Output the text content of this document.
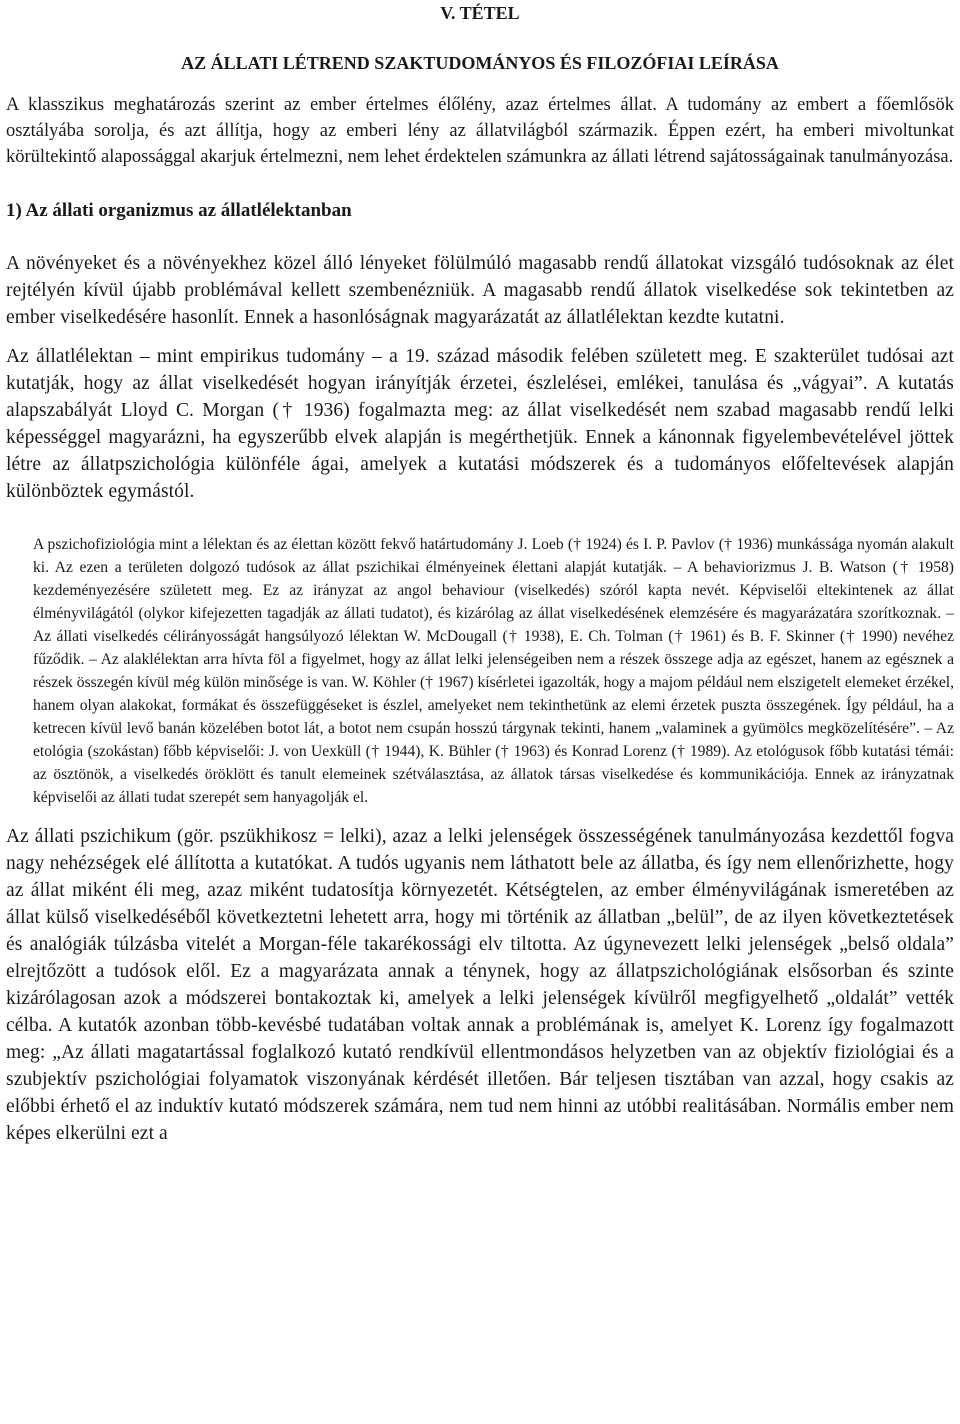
V. TÉTEL
AZ ÁLLATI LÉTREND SZAKTUDOMÁNYOS ÉS FILOZÓFIAI LEÍRÁSA

A klasszikus meghatározás szerint az ember értelmes élőlény, azaz értelmes állat. A tudomány az embert a főemlősök osztályába sorolja, és azt állítja, hogy az emberi lény az állatvilágból származik. Éppen ezért, ha emberi mivoltunkat körültekintő alapossággal akarjuk értelmezni, nem lehet érdektelen számunkra az állati létrend sajátosságainak tanulmányozása.

1) Az állati organizmus az állatlélektanban

A növényeket és a növényekhez közel álló lényeket fölülmúló magasabb rendű állatokat vizsgáló tudósoknak az élet rejtélyén kívül újabb problémával kellett szembenézniük. A magasabb rendű állatok viselkedése sok tekintetben az ember viselkedésére hasonlít. Ennek a hasonlóságnak magyarázatát az állatlélektan kezdte kutatni.

Az állatlélektan – mint empirikus tudomány – a 19. század második felében született meg. E szakterület tudósai azt kutatják, hogy az állat viselkedését hogyan irányítják érzetei, észlelései, emlékei, tanulása és „vágyai”. A kutatás alapszabályát Lloyd C. Morgan († 1936) fogalmazta meg: az állat viselkedését nem szabad magasabb rendű lelki képességgel magyarázni, ha egyszerűbb elvek alapján is megérthetjük. Ennek a kánonnak figyelembevételével jöttek létre az állatpszichológia különféle ágai, amelyek a kutatási módszerek és a tudományos előfeltevések alapján különböztek egymástól.

A pszichofiziológia mint a lélektan és az élettan között fekvő határtudomány J. Loeb († 1924) és I. P. Pavlov († 1936) munkássága nyomán alakult ki. Az ezen a területen dolgozó tudósok az állat pszichikai élményeinek élettani alapját kutatják. – A behaviorizmus J. B. Watson († 1958) kezdeményezésére született meg. Ez az irányzat az angol behaviour (viselkedés) szóról kapta nevét. Képviselői eltekintenek az állat élményvilágától (olykor kifejezetten tagadják az állati tudatot), és kizárólag az állat viselkedésének elemzésére és magyarázatára szorítkoznak. – Az állati viselkedés célirányosságát hangsúlyozó lélektan W. McDougall († 1938), E. Ch. Tolman († 1961) és B. F. Skinner († 1990) nevéhez fűződik. – Az alaklélektan arra hívta föl a figyelmet, hogy az állat lelki jelenségeiben nem a részek összege adja az egészet, hanem az egésznek a részek összegén kívül még külön minősége is van. W. Köhler († 1967) kísérletei igazolták, hogy a majom például nem elszigetelt elemeket érzékel, hanem olyan alakokat, formákat és összefüggéseket is észlel, amelyeket nem tekinthetünk az elemi érzetek puszta összegének. Így például, ha a ketrecen kívül levő banán közelében botot lát, a botot nem csupán hosszú tárgynak tekinti, hanem „valaminek a gyümölcs megközelítésére”. – Az etológia (szokástan) főbb képviselői: J. von Uexküll († 1944), K. Bühler († 1963) és Konrad Lorenz († 1989). Az etológusok főbb kutatási témái: az ösztönök, a viselkedés öröklött és tanult elemeinek szétválasztása, az állatok társas viselkedése és kommunikációja. Ennek az irányzatnak képviselői az állati tudat szerepét sem hanyagolják el.

Az állati pszichikum (gör. pszükhikosz = lelki), azaz a lelki jelenségek összességének tanulmányozása kezdettől fogva nagy nehézségek elé állította a kutatókat. A tudós ugyanis nem láthatott bele az állatba, és így nem ellenőrizhette, hogy az állat miként éli meg, azaz miként tudatosítja környezetét. Kétségtelen, az ember élményvilágának ismeretében az állat külső viselkedéséből következtetni lehetett arra, hogy mi történik az állatban „belül”, de az ilyen következtetések és analógiák túlzásba vitelét a Morgan-féle takarékossági elv tiltotta. Az úgynevezett lelki jelenségek „belső oldala” elrejtőzött a tudósok elől. Ez a magyarázata annak a ténynek, hogy az állatpszichológiának elsősorban és szinte kizárólagosan azok a módszerei bontakoztak ki, amelyek a lelki jelenségek kívülről megfigyelhető „oldalát” vették célba. A kutatók azonban több-kevésbé tudatában voltak annak a problémának is, amelyet K. Lorenz így fogalmazott meg: „Az állati magatartással foglalkozó kutató rendkívül ellentmondásos helyzetben van az objektív fiziológiai és a szubjektív pszichológiai folyamatok viszonyának kérdését illetően. Bár teljesen tisztában van azzal, hogy csakis az előbbi érhető el az induktív kutató módszerek számára, nem tud nem hinni az utóbbi realitásában. Normális ember nem képes elkerülni ezt a
